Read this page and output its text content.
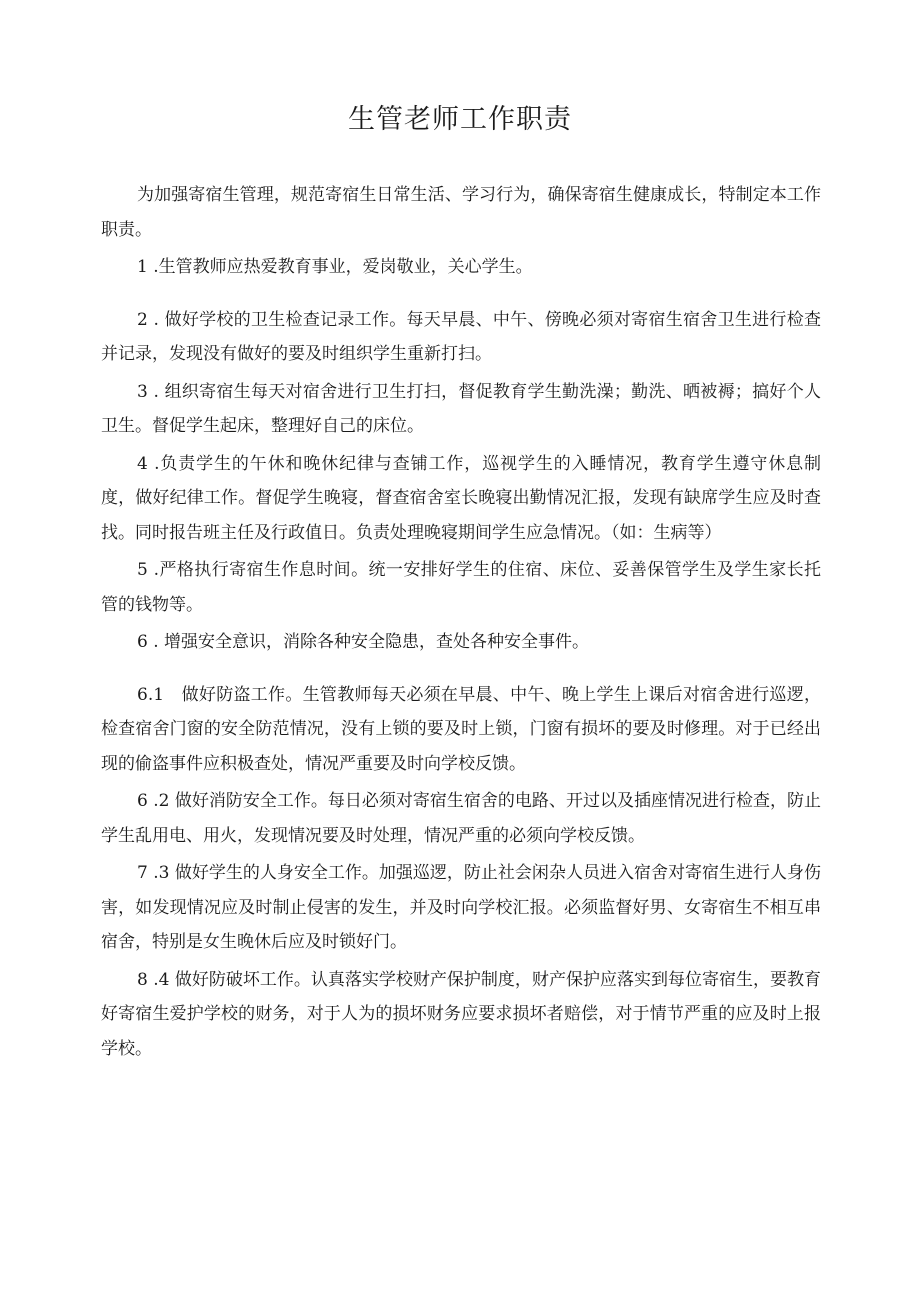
生管老师工作职责

为加强寄宿生管理，规范寄宿生日常生活、学习行为，确保寄宿生健康成长，特制定本工作职责。

1 .生管教师应热爱教育事业，爱岗敬业，关心学生。

2 . 做好学校的卫生检查记录工作。每天早晨、中午、傍晚必须对寄宿生宿舍卫生进行检查并记录，发现没有做好的要及时组织学生重新打扫。

3 . 组织寄宿生每天对宿舍进行卫生打扫，督促教育学生勤洗澡；勤洗、晒被褥；搞好个人卫生。督促学生起床，整理好自己的床位。

4 .负责学生的午休和晚休纪律与查铺工作，巡视学生的入睡情况，教育学生遵守休息制度，做好纪律工作。督促学生晚寝，督查宿舍室长晚寝出勤情况汇报，发现有缺席学生应及时查找。同时报告班主任及行政值日。负责处理晚寝期间学生应急情况。（如：生病等）

5 .严格执行寄宿生作息时间。统一安排好学生的住宿、床位、妥善保管学生及学生家长托管的钱物等。

6 . 增强安全意识，消除各种安全隐患，查处各种安全事件。

6.1　做好防盗工作。生管教师每天必须在早晨、中午、晚上学生上课后对宿舍进行巡逻，检查宿舍门窗的安全防范情况，没有上锁的要及时上锁，门窗有损坏的要及时修理。对于已经出现的偷盗事件应积极查处，情况严重要及时向学校反馈。

6 .2 做好消防安全工作。每日必须对寄宿生宿舍的电路、开过以及插座情况进行检查，防止学生乱用电、用火，发现情况要及时处理，情况严重的必须向学校反馈。

7 .3 做好学生的人身安全工作。加强巡逻，防止社会闲杂人员进入宿舍对寄宿生进行人身伤害，如发现情况应及时制止侵害的发生，并及时向学校汇报。必须监督好男、女寄宿生不相互串宿舍，特别是女生晚休后应及时锁好门。

8 .4 做好防破坏工作。认真落实学校财产保护制度，财产保护应落实到每位寄宿生，要教育好寄宿生爱护学校的财务，对于人为的损坏财务应要求损坏者赔偿，对于情节严重的应及时上报学校。
